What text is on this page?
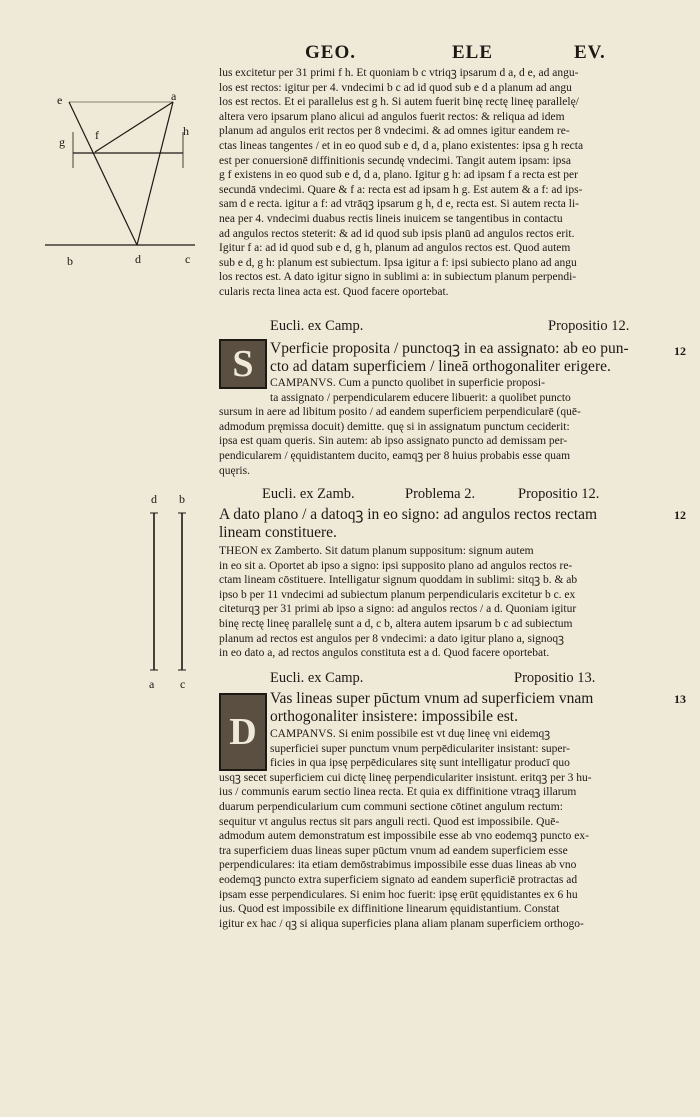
GEO.	ELE	EV.
e	a
g	f	h
b	d	c
d b
a c
lus excitetur per 31 primi f h. Et quoniam b c vtriqꝫ ipsarum d a, d e, ad angu-
los est rectos: igitur per 4. vndecimi b c ad id quod sub e d a planum ad angu
los est rectos. Et ei parallelus est g h. Si autem fuerit binę rectę lineę parallelę/
altera vero ipsarum plano alicui ad angulos fuerit rectos: & reliqua ad idem
planum ad angulos erit rectos per 8 vndecimi. & ad omnes igitur eandem re-
ctas lineas tangentes / et in eo quod sub e d, d a, plano existentes: ipsa g h recta
est per conuersionē diffinitionis secundę vndecimi. Tangit autem ipsam: ipsa
g f existens in eo quod sub e d, d a, plano. Igitur g h: ad ipsam f a recta est per
secundā vndecimi. Quare & f a: recta est ad ipsam h g. Est autem & a f: ad ips-
sam d e recta. igitur a f: ad vtrāqꝫ ipsarum g h, d e, recta est. Si autem recta li-
nea per 4. vndecimi duabus rectis lineis inuicem se tangentibus in contactu
ad angulos rectos steterit: & ad id quod sub ipsis planū ad angulos rectos erit.
Igitur f a: ad id quod sub e d, g h, planum ad angulos rectos est. Quod autem
sub e d, g h: planum est subiectum. Ipsa igitur a f: ipsi subiecto plano ad angu
los rectos est. A dato igitur signo in sublimi a: in subiectum planum perpendi-
cularis recta linea acta est. Quod facere oportebat.
Eucli. ex Camp.	Propositio 12.
12
S	Vperficie proposita / punctoqꝫ in ea assignato: ab eo pun-
cto ad datam superficiem / lineā orthogonaliter erigere.
CAMPANVS. Cum a puncto quolibet in superficie proposi-
ta assignato / perpendicularem educere libuerit: a quolibet puncto
sursum in aere ad libitum posito / ad eandem superficiem perpendicularē (quē-
admodum pręmissa docuit) demitte. quę si in assignatum punctum ceciderit:
ipsa est quam queris. Sin autem: ab ipso assignato puncto ad demissam per-
pendicularem / ęquidistantem ducito, eamqꝫ per 8 huius probabis esse quam
quęris.
Eucli. ex Zamb.	Problema 2.	Propositio 12.
12
A dato plano / a datoqꝫ in eo signo: ad angulos rectos rectam
lineam constituere.
THEON ex Zamberto. Sit datum planum suppositum: signum autem
in eo sit a. Oportet ab ipso a signo: ipsi supposito plano ad angulos rectos re-
ctam lineam cōstituere. Intelligatur signum quoddam in sublimi: sitqꝫ b. & ab
ipso b per 11 vndecimi ad subiectum planum perpendicularis excitetur b c. ex
citeturqꝫ per 31 primi ab ipso a signo: ad angulos rectos / a d. Quoniam igitur
binę rectę lineę parallelę sunt a d, c b, altera autem ipsarum b c ad subiectum
planum ad rectos est angulos per 8 vndecimi: a dato igitur plano a, signoqꝫ
in eo dato a, ad rectos angulos constituta est a d. Quod facere oportebat.
Eucli. ex Camp.	Propositio 13.
13
D
Vas lineas super pūctum vnum ad superficiem vnam
orthogonaliter insistere: impossibile est.
CAMPANVS. Si enim possibile est vt duę lineę vni eidemqꝫ
superficiei super punctum vnum perpēdiculariter insistant: super-
ficies in qua ipsę perpēdiculares sitę sunt intelligatur producī quo
usqꝫ secet superficiem cui dictę lineę perpendiculariter insistunt. eritqꝫ per 3 hu-
ius / communis earum sectio linea recta. Et quia ex diffinitione vtraqꝫ illarum
duarum perpendicularium cum communi sectione cōtinet angulum rectum:
sequitur vt angulus rectus sit pars anguli recti. Quod est impossibile. Quē-
admodum autem demonstratum est impossibile esse ab vno eodemqꝫ puncto ex-
tra superficiem duas lineas super pūctum vnum ad eandem superficiem esse
perpendiculares: ita etiam demōstrabimus impossibile esse duas lineas ab vno
eodemqꝫ puncto extra superficiem signato ad eandem superficiē protractas ad
ipsam esse perpendiculares. Si enim hoc fuerit: ipsę erūt ęquidistantes ex 6 hu
ius. Quod est impossibile ex diffinitione linearum ęquidistantium. Constat
igitur ex hac / qꝫ si aliqua superficies plana aliam planam superficiem orthogo-
